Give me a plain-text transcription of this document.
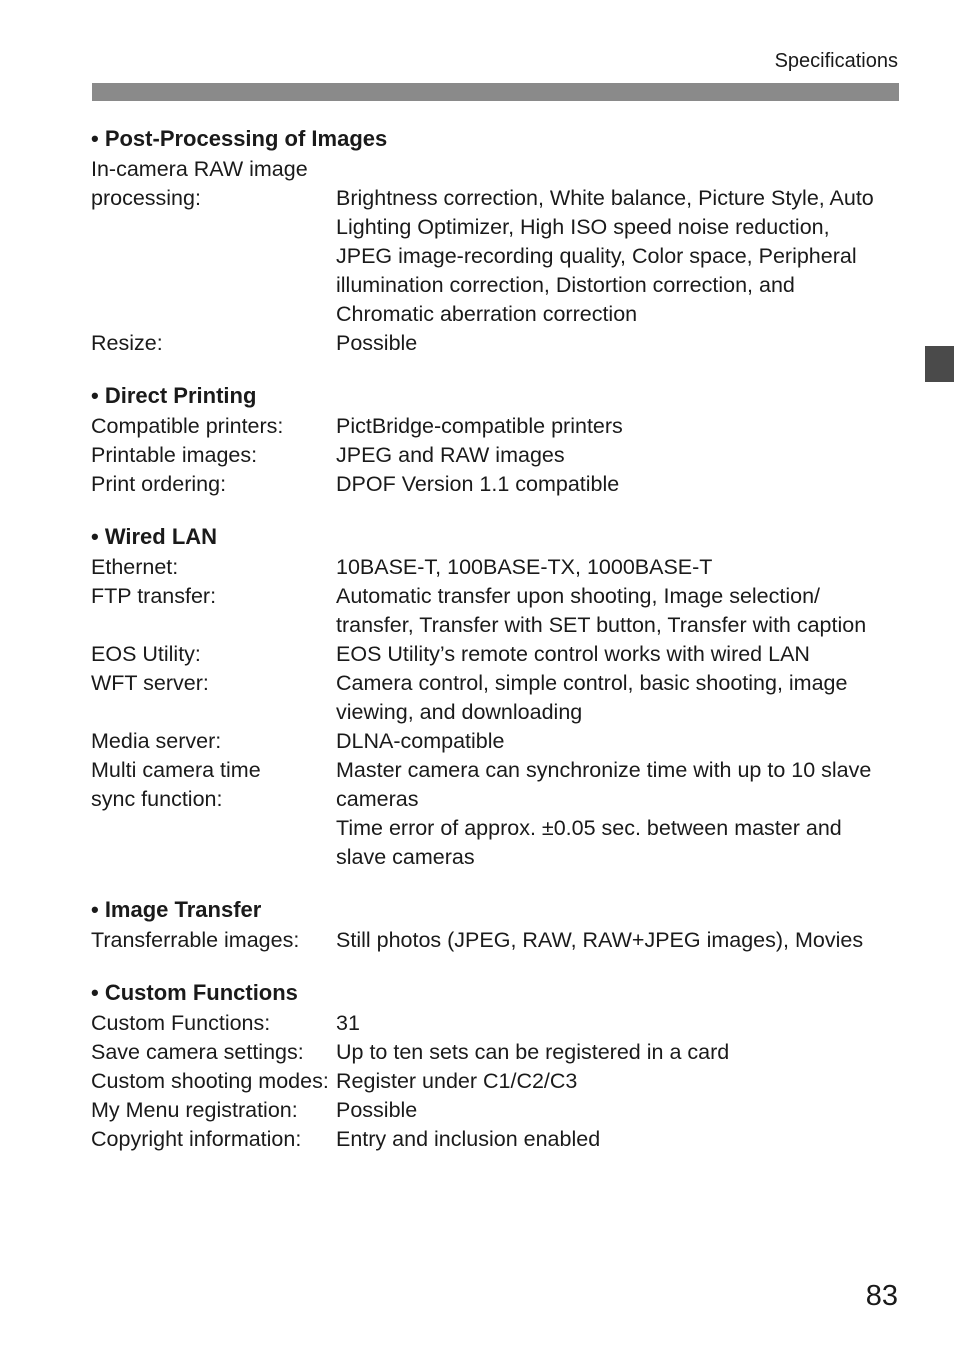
Specifications
• Post-Processing of Images
In-camera RAW image
processing:	
Brightness correction, White balance, Picture Style, Auto
Lighting Optimizer, High ISO speed noise reduction,
JPEG image-recording quality, Color space, Peripheral
illumination correction, Distortion correction, and
Chromatic aberration correction
Resize:	Possible
• Direct Printing
Compatible printers:	PictBridge-compatible printers
Printable images:	JPEG and RAW images
Print ordering:	DPOF Version 1.1 compatible
• Wired LAN
Ethernet:	10BASE-T, 100BASE-TX, 1000BASE-T
FTP transfer:	Automatic transfer upon shooting, Image selection/
transfer, Transfer with SET button, Transfer with caption
EOS Utility:	EOS Utility’s remote control works with wired LAN
WFT server:	Camera control, simple control, basic shooting, image
viewing, and downloading
Media server:	DLNA-compatible
Multi camera time
sync function:
Master camera can synchronize time with up to 10 slave
cameras
Time error of approx. ±0.05 sec. between master and
slave cameras
• Image Transfer
Transferrable images:	Still photos (JPEG, RAW, RAW+JPEG images), Movies
• Custom Functions
Custom Functions:	31
Save camera settings:	Up to ten sets can be registered in a card
Custom shooting modes: Register under C1/C2/C3
My Menu registration:	Possible
Copyright information:	Entry and inclusion enabled
83
